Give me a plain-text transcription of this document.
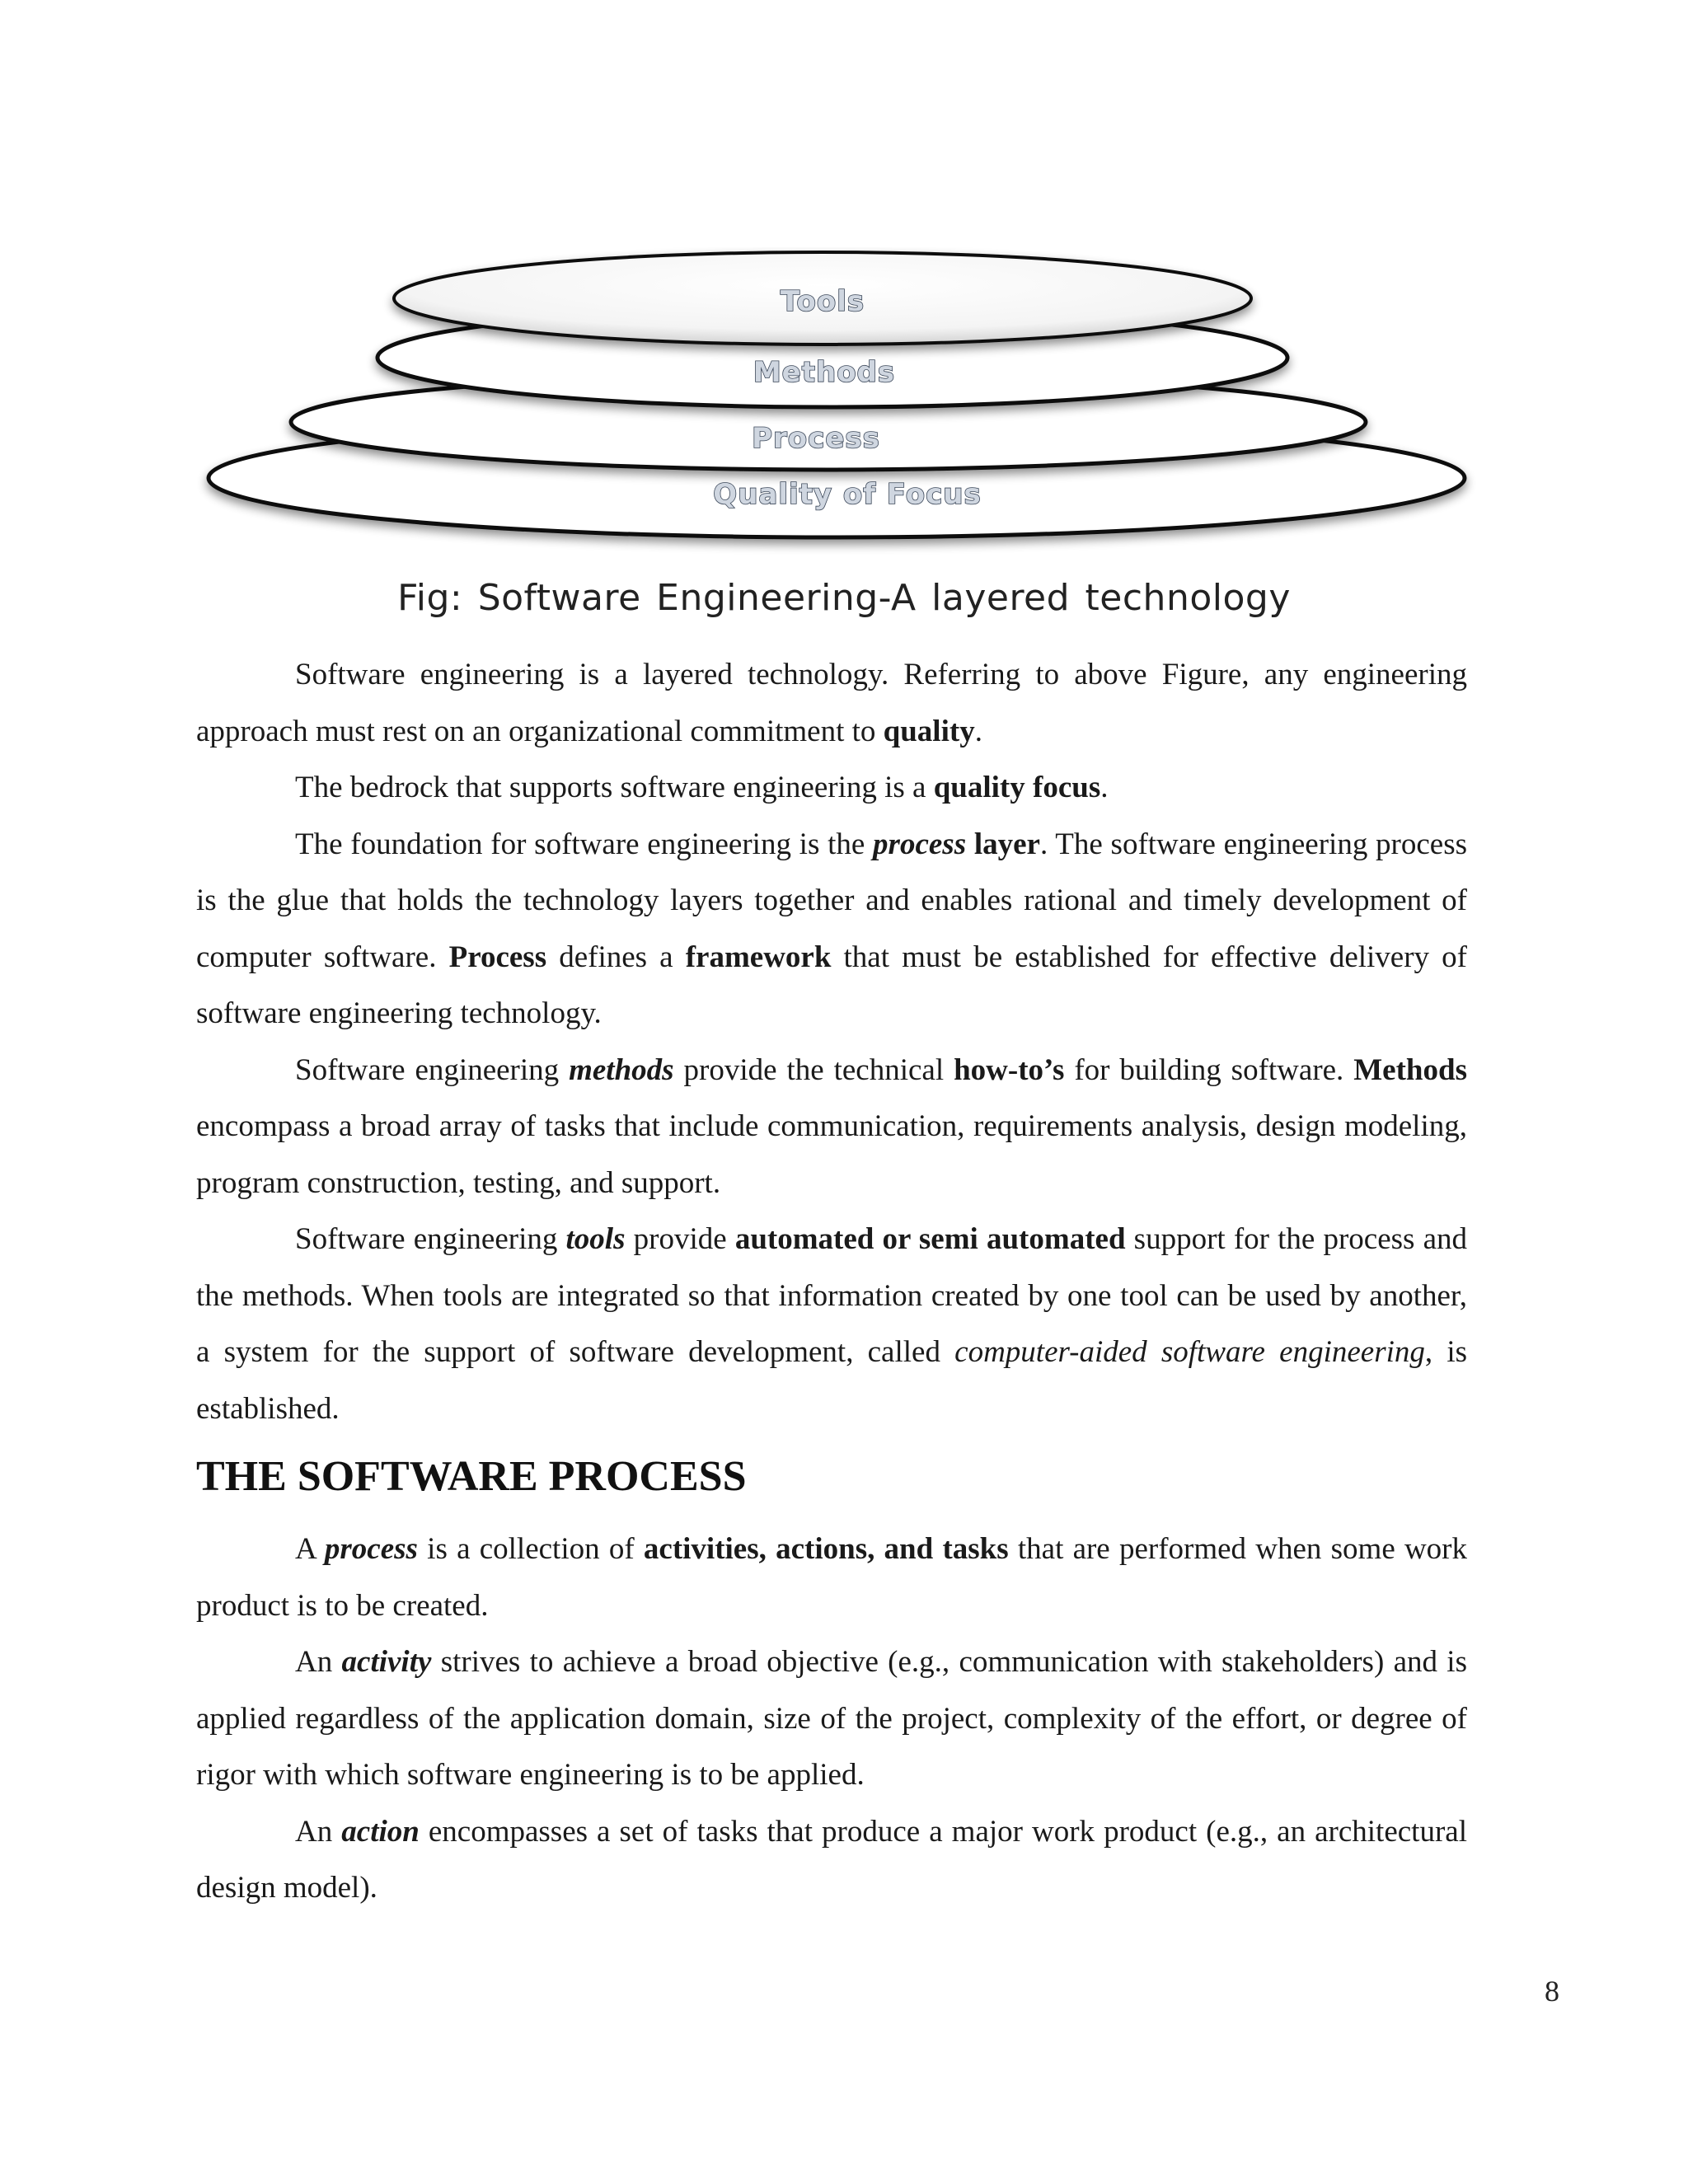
Tools
Methods
Process
Quality of Focus
Fig: Software Engineering-A layered technology

Software engineering is a layered technology. Referring to above Figure, any engineering approach must rest on an organizational commitment to quality.

The bedrock that supports software engineering is a quality focus.

The foundation for software engineering is the process layer. The software engineering process is the glue that holds the technology layers together and enables rational and timely development of computer software. Process defines a framework that must be established for effective delivery of software engineering technology.

Software engineering methods provide the technical how-to’s for building software. Methods encompass a broad array of tasks that include communication, requirements analysis, design modeling, program construction, testing, and support.

Software engineering tools provide automated or semi automated support for the process and the methods. When tools are integrated so that information created by one tool can be used by another, a system for the support of software development, called computer-aided software engineering, is established.

THE SOFTWARE PROCESS

A process is a collection of activities, actions, and tasks that are performed when some work product is to be created.

An activity strives to achieve a broad objective (e.g., communication with stakeholders) and is applied regardless of the application domain, size of the project, complexity of the effort, or degree of rigor with which software engineering is to be applied.

An action encompasses a set of tasks that produce a major work product (e.g., an architectural design model).

8
